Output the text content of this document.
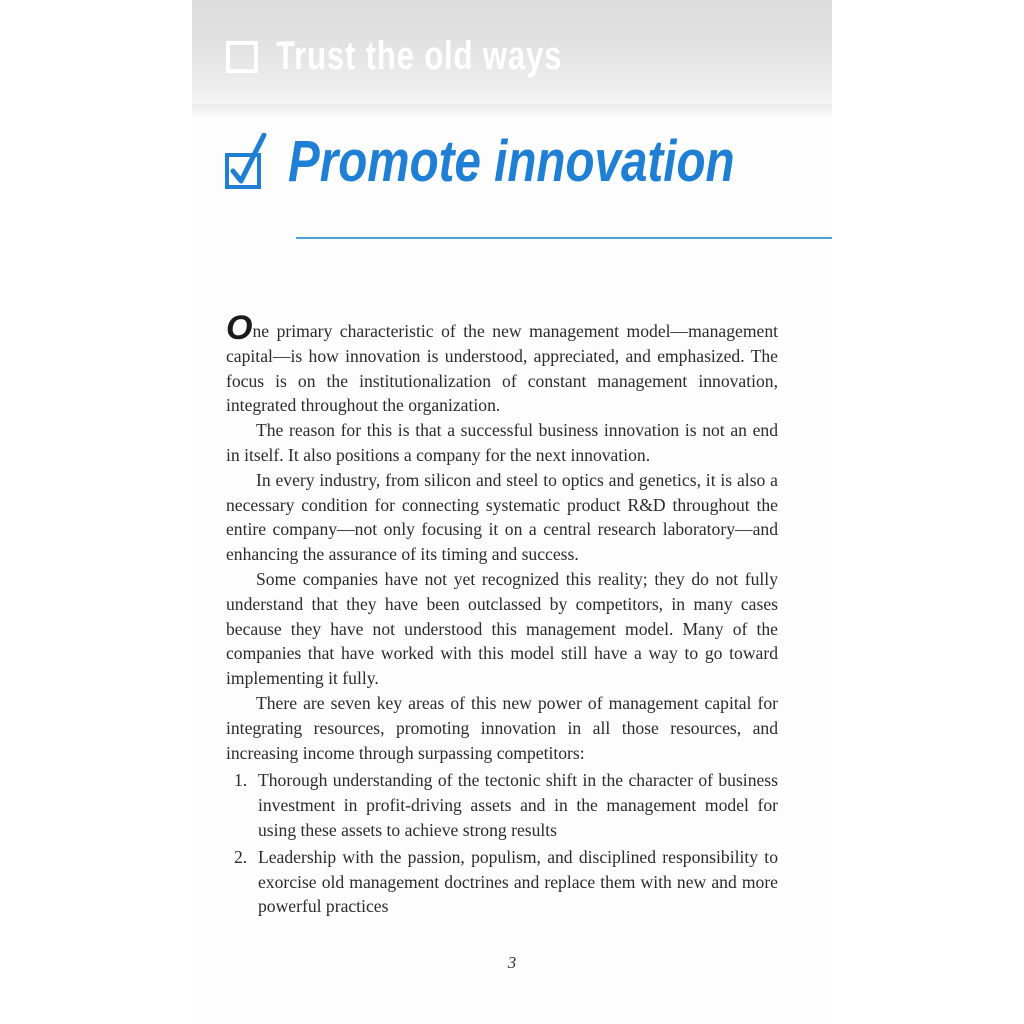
Trust the old ways
Promote innovation

One primary characteristic of the new management model—management capital—is how innovation is understood, appreciated, and emphasized. The focus is on the institutionalization of constant management innovation, integrated throughout the organization.

The reason for this is that a successful business innovation is not an end in itself. It also positions a company for the next innovation.

In every industry, from silicon and steel to optics and genetics, it is also a necessary condition for connecting systematic product R&D throughout the entire company—not only focusing it on a central research laboratory—and enhancing the assurance of its timing and success.

Some companies have not yet recognized this reality; they do not fully understand that they have been outclassed by competitors, in many cases because they have not understood this management model. Many of the companies that have worked with this model still have a way to go toward implementing it fully.

There are seven key areas of this new power of management capital for integrating resources, promoting innovation in all those resources, and increasing income through surpassing competitors:

1. Thorough understanding of the tectonic shift in the character of business investment in profit-driving assets and in the management model for using these assets to achieve strong results
2. Leadership with the passion, populism, and disciplined responsibility to exorcise old management doctrines and replace them with new and more powerful practices
3
